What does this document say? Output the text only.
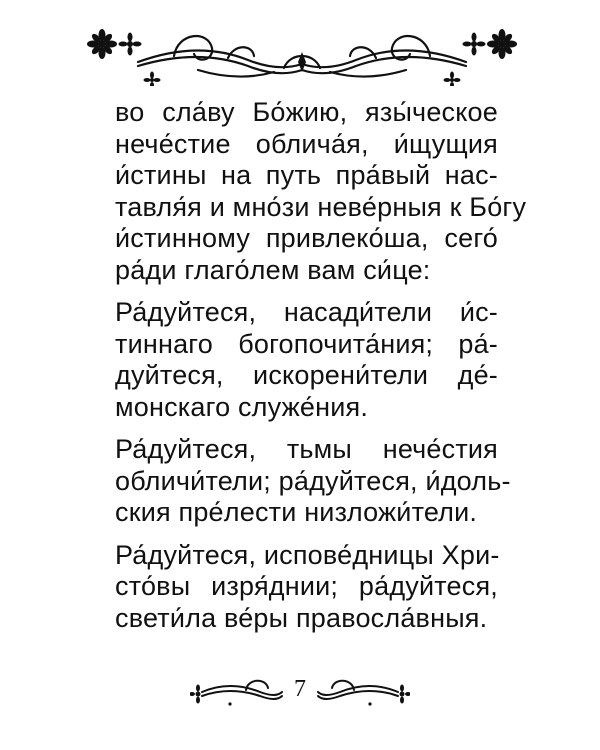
во сла́ву Бо́жию, язы́ческое
нече́стие облича́я, и́щущия
и́стины на путь пра́вый нас-
тавля́я и мно́зи неве́рныя к Бо́гу
и́стинному привлеко́ша, сего́
ра́ди глаго́лем вам си́це:
Ра́дуйтеся, насади́тели и́с-
тиннаго богопочита́ния; ра́-
дуйтеся, искорени́тели де́-
монскаго служе́ния.
Ра́дуйтеся, тьмы нече́стия
обличи́тели; ра́дуйтеся, и́доль-
ския пре́лести низложи́тели.
Ра́дуйтеся, испове́дницы Хри-
сто́вы изря́днии; ра́дуйтеся,
свети́ла ве́ры правосла́вныя.
7
